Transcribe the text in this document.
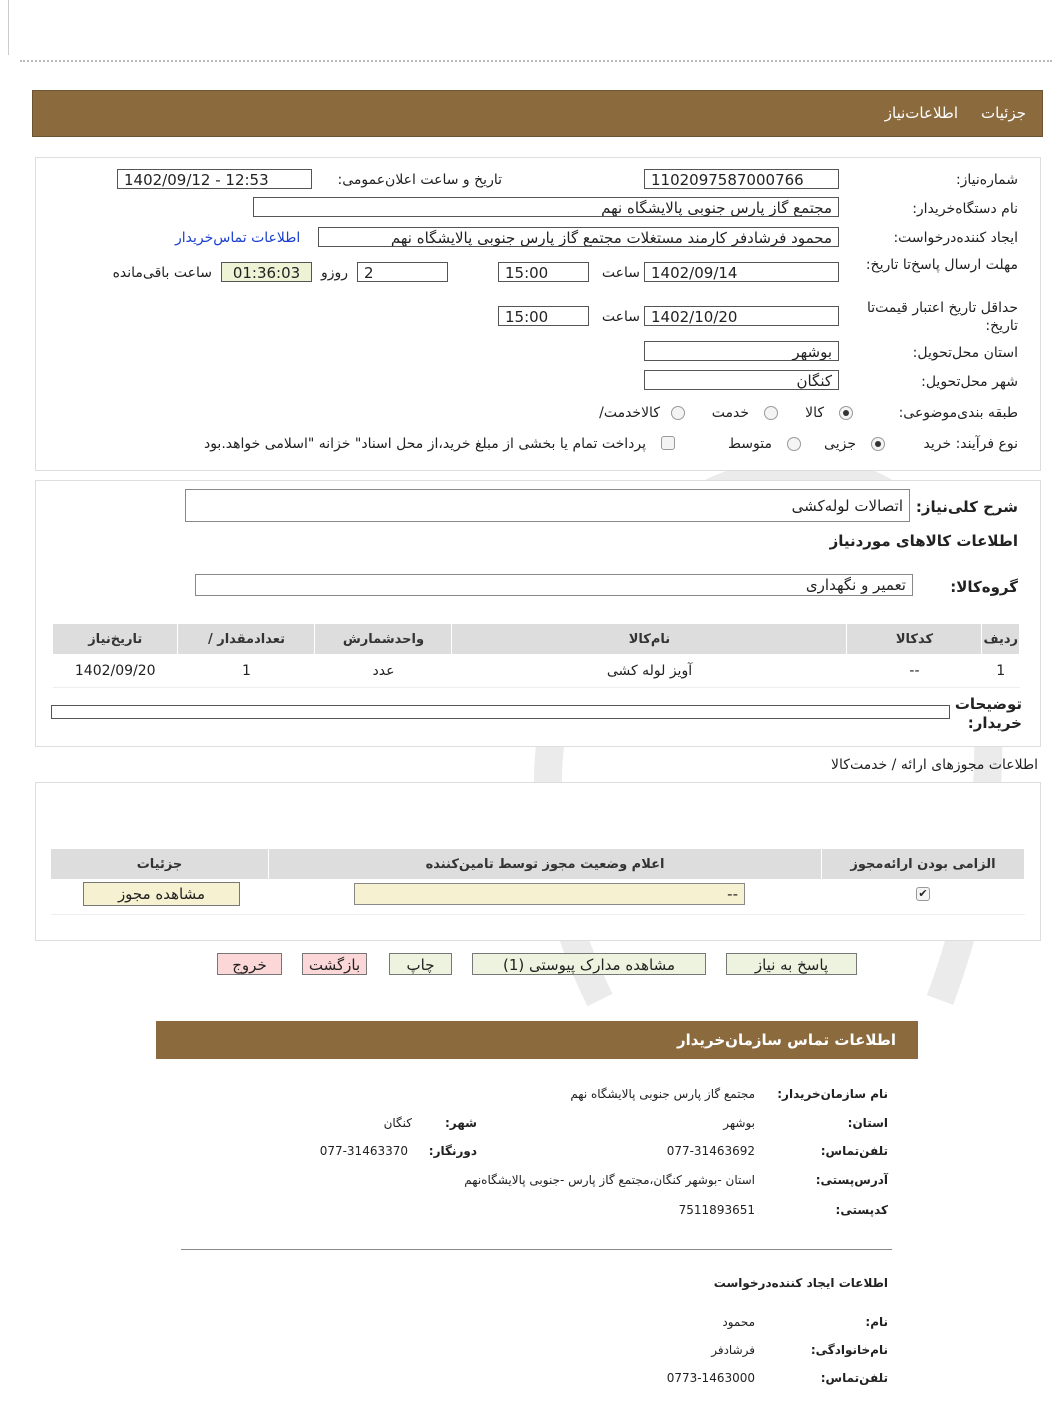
جزئيات
اطلاعات‌نياز
شماره‌نیاز:
1102097587000766
تاریخ و ساعت اعلان‌عمومی:
1402/09/12 - 12:53
نام دستگاه‌خریدار:
مجتمع گاز پارس جنوبی پالایشگاه نهم
ایجاد کننده‌درخواست:
محمود فرشادفر کارمند مستغلات مجتمع گاز پارس جنوبی پالایشگاه نهم
اطلاعات تماس‌خریدار
مهلت ارسال پاسخ‌تا تاریخ:
1402/09/14
ساعت
15:00
2
روزو
01:36:03
ساعت باقی‌مانده
حداقل تاریخ اعتبار قیمت‌تا تاریخ:
1402/10/20
ساعت
15:00
استان محل‌تحویل:
بوشهر
شهر محل‌تحویل:
کنگان
طبقه بندی‌موضوعی:
کالا
خدمت
کالا‌خدمت/
نوع فرآیند: خرید
جزیی
متوسط
پرداخت تمام یا بخشی از مبلغ خرید،از محل اسناد" خزانه "اسلامی خواهد.بود
شرح کلی‌نیاز:
اتصالات لوله‌کشی
اطلاعات کالاهای موردنیاز
گروه‌کالا:
تعمیر و نگهداری
ردیف	کدکالا	نام‌کالا	واحدشمارش	تعدادمقدار /	تاریخ‌نیاز
1	--	آویز لوله کشی	عدد	1	1402/09/20
توضیحات خریدار:
اطلاعات مجوزهای ارائه / خدمت‌کالا
الزامی بودن ارائه‌مجوز	اعلام وضعیت مجوز توسط تامین‌کننده	جزئیات

✔
--
مشاهده مجوز
پاسخ به نیاز
مشاهده مدارک پیوستی (1)
چاپ
بازگشت
خروج
اطلاعات تماس سازمان‌خریدار
نام سازمان‌خریدار:
مجتمع گاز پارس جنوبی پالایشگاه نهم
استان:
بوشهر
شهر:
کنگان
تلفن‌تماس:
077-31463692
دورنگار:
077-31463370
آدرس‌پستی:
استان -بوشهر کنگان،مجتمع گاز پارس -جنوبی پالایشگاه‌نهم
کد‌پستی:
7511893651
اطلاعات ایجاد کننده‌درخواست
نام:
محمود
نام‌خانوادگی:
فرشادفر
تلفن‌تماس:
0773-1463000
